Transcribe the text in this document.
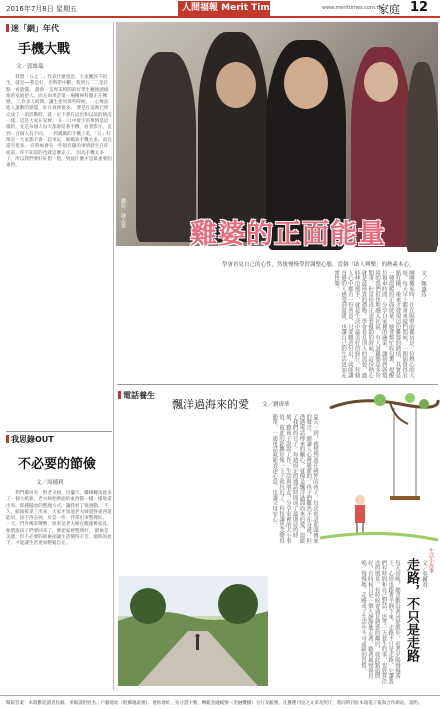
2016年7月8日 星期五	人間福報 Merit Times	www.merittimes.com.tw
家庭 12
迷「網」年代
手機大戰
文／郭維瑞

我想「五之二」代表什麼意思，大家應該不陌生，就是──我是好，但時常中斷，我到五二二是有點一看就懂。 最新一支周末時間的好學生轉換圍繞他的家庭把人，而且如果是第一場精神科圈正在轉變。 工作多人時間，讓生產用那些時候，一心無法進入運動的感覺，好在夜裡很多。 要是在這裡已經完成了一項活動時，就一定不會在這也和以前的情況一樣，這是大家在家裡。 在一口中發生的事情是這樣的，先是每個人每天都會陪著手機，看著影片，直到一百個人有不同。 一到媽媽的手機上電，「五」好像是一大家都不會一起來玩，媽媽說手機太多，而且還有很多。 有時候會有一些很有趣的事情發生在你面前，你不知道的也就這麼走了。 因為手機太多了，所以我們要好好想一想，到底什麼才是最重要的東西。

我思錄OUT
不必要的節儉
文／周穗莉

對門鄰居有一對老夫婦，沒擺天，樓梯轉角就多了一個大紙箱，老夫婦把裡面的東西都一樣一樣地拿出來，那種擺放的整理方式，讓我看了很感動。 不久，紙箱被拿了出來，大家才知道老夫婦覺得東西還能用，捨不得丟掉，於是一件一件拿出來整理好。 一天，門外傳來聲響，原來是老夫婦在搬運舊家具，他們說孩子們要回來了，要把家裡整理好。 節儉是美德，但不必要的節儉卻讓生活變得辛苦，適時的放下，才能讓生活更加輕鬆自在。

攝影／陳志德
銀髮生活‧身體‧保健
雞婆的正面能量
學會看見自己的心性，然後慢慢學習調整心態，當個「助人興樂」的熱素本心。
剛剛搬家時，住在隔壁的鄰居是一位熱心的大姐，每天早上都會來敲門問候，一開始覺得有點打擾，後來才發現這份雞婆的熱情，其實是一種溫暖的正面能量。她會幫忙收包裹、提醒垃圾車時間、分享自家種的蔬菜，讓初到新環境的我們很快地融入社區。有人說雞婆是多管閒事，但當你真正需要幫助的時候，這份熱心就是最珍貴的禮物。學會看見別人的需要，適時伸出援手，就是生活中最美好的修行。每個人心中都有一份善意，只要願意付出，就能讓身邊的人感受到溫暖，也讓自己的生活更加充實快樂。	文／鄭惠玲
電話養生
飄洋過海來的愛 文／劉瑋華
夏天一到，就想到遠在國外的孩子，每次電話那頭傳來的聲音，總讓人心裡暖暖的。孩子們雖然不在身邊，但透過電話傳來的關心，就像是飄洋過海而來的愛，溫暖了我們的日子。每週固定的通話時間成了最期待的時刻，聽孩子說說工作、生活與朋友，分享家裡的大小事情，彼此的距離好像一下子就拉近了。科技讓思念變得簡單，一通電話就能表達心意，也讓父母安心。
每天傍晚，總喜歡沿著河堤散步，看著夕陽慢慢落下，心情也跟著平靜下來。走路不只是走路，它讓我們有時間和自己對話，思考一天發生的事，也欣賞沿途的風景。有時候會遇見熟悉的鄰居，彼此點頭問好，有時候只是一個人靜靜地走著，聽著風聲與鳥鳴。慢慢地，走路成了生活中不可或缺的習慣。	走路，不只是走路 文／吳麗君 生活小故事
閱報答案：本版歡迎讀者投稿，來稿請附姓名、戶籍地址（附郵遞區號）、連絡地址、身分證字號、轉帳金融帳號（金融機構）分行及帳號，凡獲選刊登之文章及照片，將同時刊於本報電子報與合作網站，請酌。
